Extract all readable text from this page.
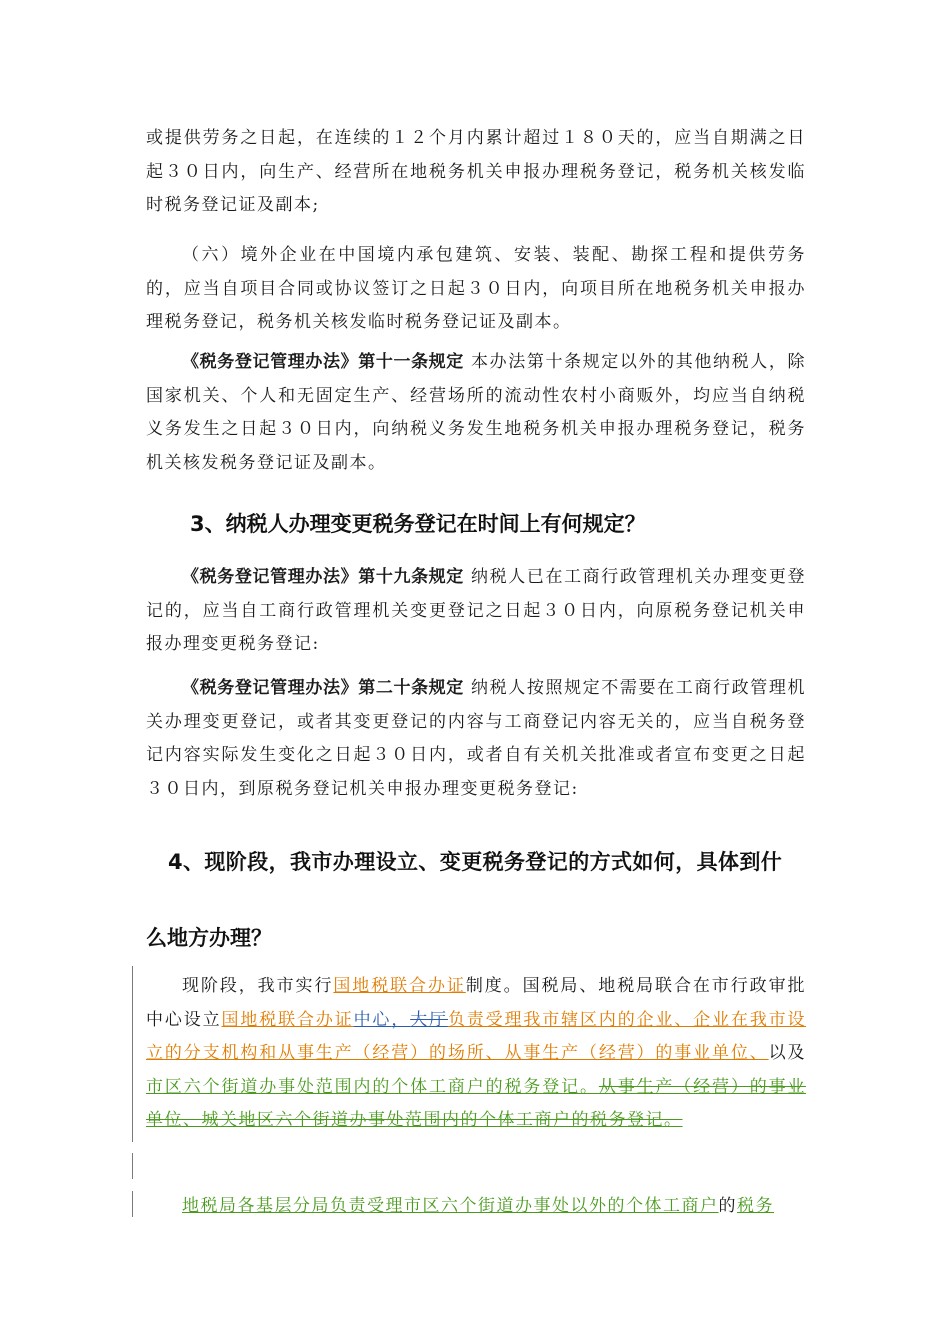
或提供劳务之日起，在连续的１２个月内累计超过１８０天的，应当自期满之日起３０日内，向生产、经营所在地税务机关申报办理税务登记，税务机关核发临时税务登记证及副本;
（六）境外企业在中国境内承包建筑、安装、装配、勘探工程和提供劳务的，应当自项目合同或协议签订之日起３０日内，向项目所在地税务机关申报办理税务登记，税务机关核发临时税务登记证及副本。
《税务登记管理办法》第十一条规定 本办法第十条规定以外的其他纳税人，除国家机关、个人和无固定生产、经营场所的流动性农村小商贩外，均应当自纳税义务发生之日起３０日内，向纳税义务发生地税务机关申报办理税务登记，税务机关核发税务登记证及副本。
3、纳税人办理变更税务登记在时间上有何规定？
《税务登记管理办法》第十九条规定 纳税人已在工商行政管理机关办理变更登记的，应当自工商行政管理机关变更登记之日起３０日内，向原税务登记机关申报办理变更税务登记:
《税务登记管理办法》第二十条规定 纳税人按照规定不需要在工商行政管理机关办理变更登记，或者其变更登记的内容与工商登记内容无关的，应当自税务登记内容实际发生变化之日起３０日内，或者自有关机关批准或者宣布变更之日起３０日内，到原税务登记机关申报办理变更税务登记:
4、现阶段，我市办理设立、变更税务登记的方式如何，具体到什
么地方办理？
现阶段，我市实行国地税联合办证制度。国税局、地税局联合在市行政审批中心设立国地税联合办证中心，大厅负责受理我市辖区内的企业、企业在我市设立的分支机构和从事生产（经营）的场所、从事生产（经营）的事业单位、以及市区六个街道办事处范围内的个体工商户的税务登记。从事生产（经营）的事业单位、城关地区六个街道办事处范围内的个体工商户的税务登记。
地税局各基层分局负责受理市区六个街道办事处以外的个体工商户的税务
